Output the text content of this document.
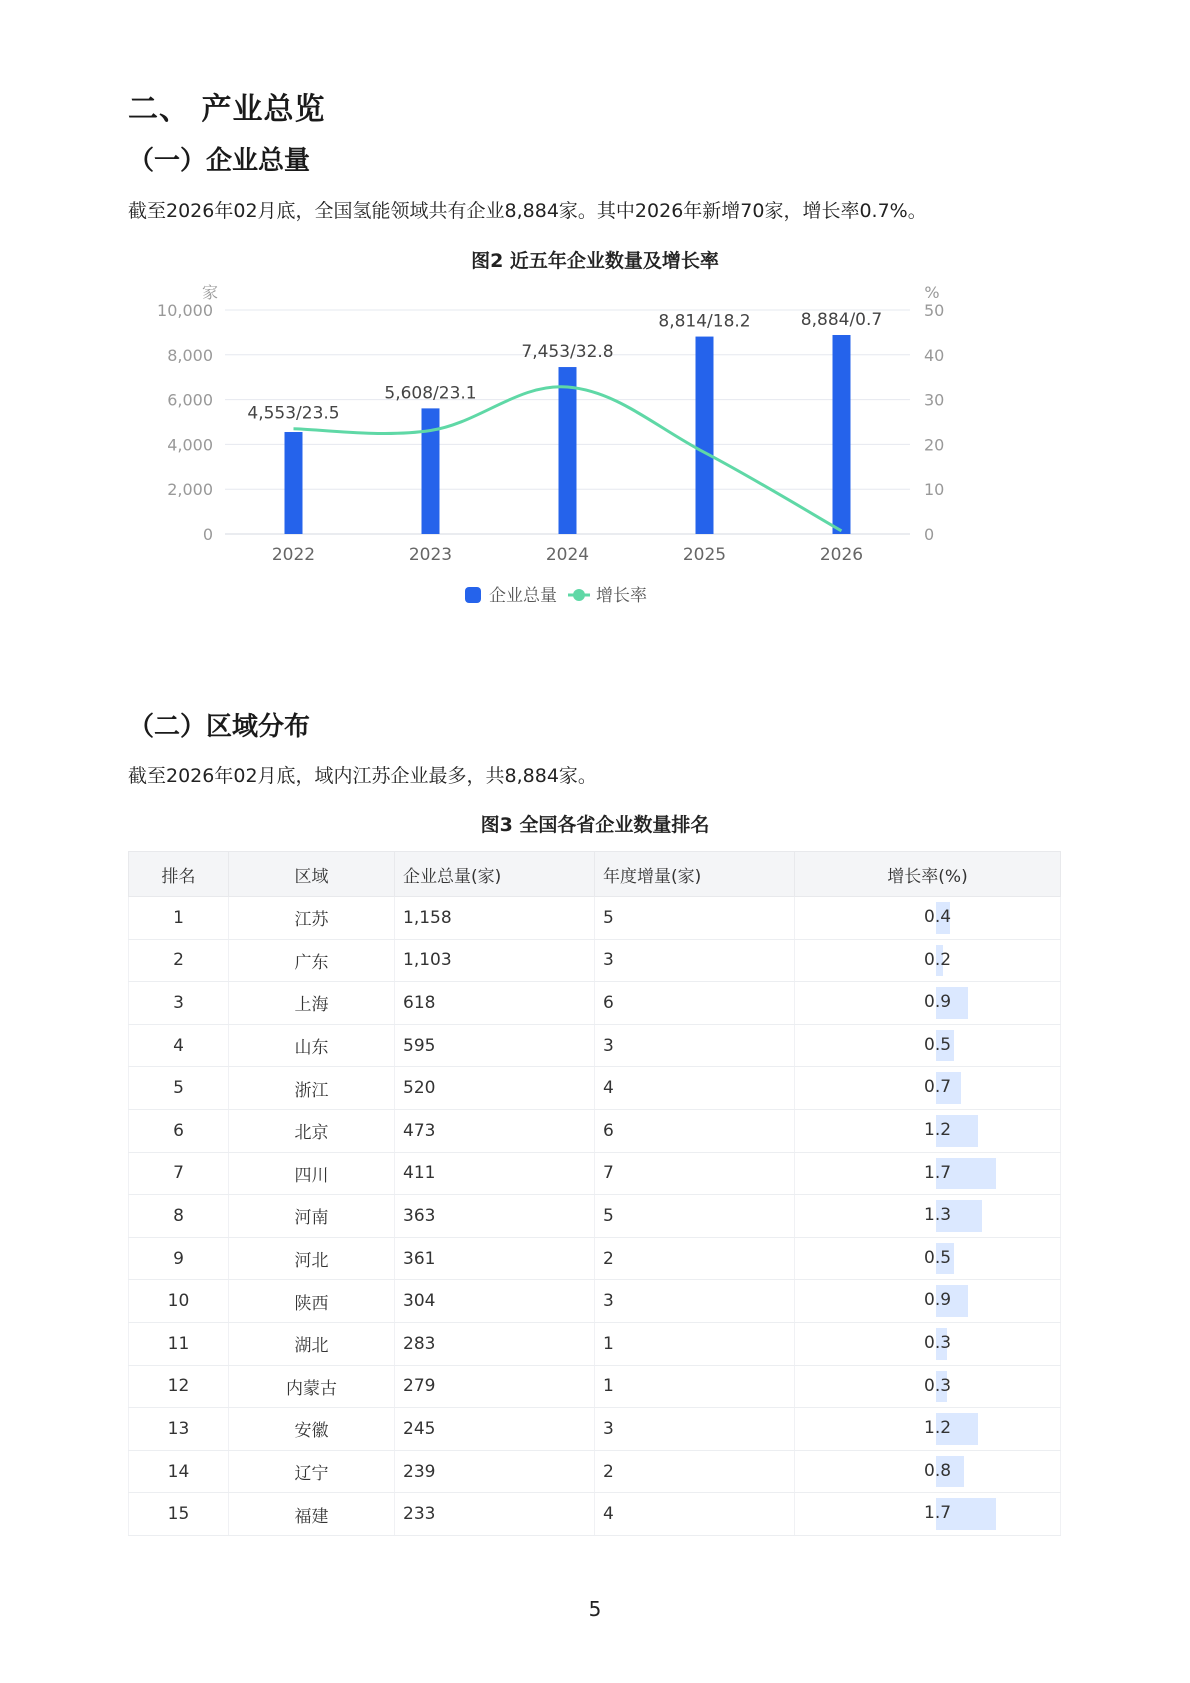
二、 产业总览
（一）企业总量
截至2026年02月底，全国氢能领域共有企业8,884家。其中2026年新增70家，增长率0.7%。
图2 近五年企业数量及增长率
0
2,000
4,000
6,000
8,000
10,000
0
10
20
30
40
50
家	%
2022	2023	2024	2025	2026
4,553/23.5
5,608/23.1
7,453/32.8
8,814/18.2	8,884/0.7
企业总量 增长率
（二）区域分布
截至2026年02月底，域内江苏企业最多，共8,884家。
图3 全国各省企业数量排名
排名	区域	企业总量(家)	年度增量(家)	增长率(%)
1	江苏	1,158	5	0.4

2	广东	1,103	3	0.2

3	上海	618	6	0.9

4	山东	595	3	0.5

5	浙江	520	4	0.7

6	北京	473	6	1.2

7	四川	411	7	1.7

8	河南	363	5	1.3

9	河北	361	2	0.5

10	陕西	304	3	0.9

11	湖北	283	1	0.3

12	内蒙古	279	1	0.3

13	安徽	245	3	1.2

14	辽宁	239	2	0.8

15	福建	233	4	1.7
5
